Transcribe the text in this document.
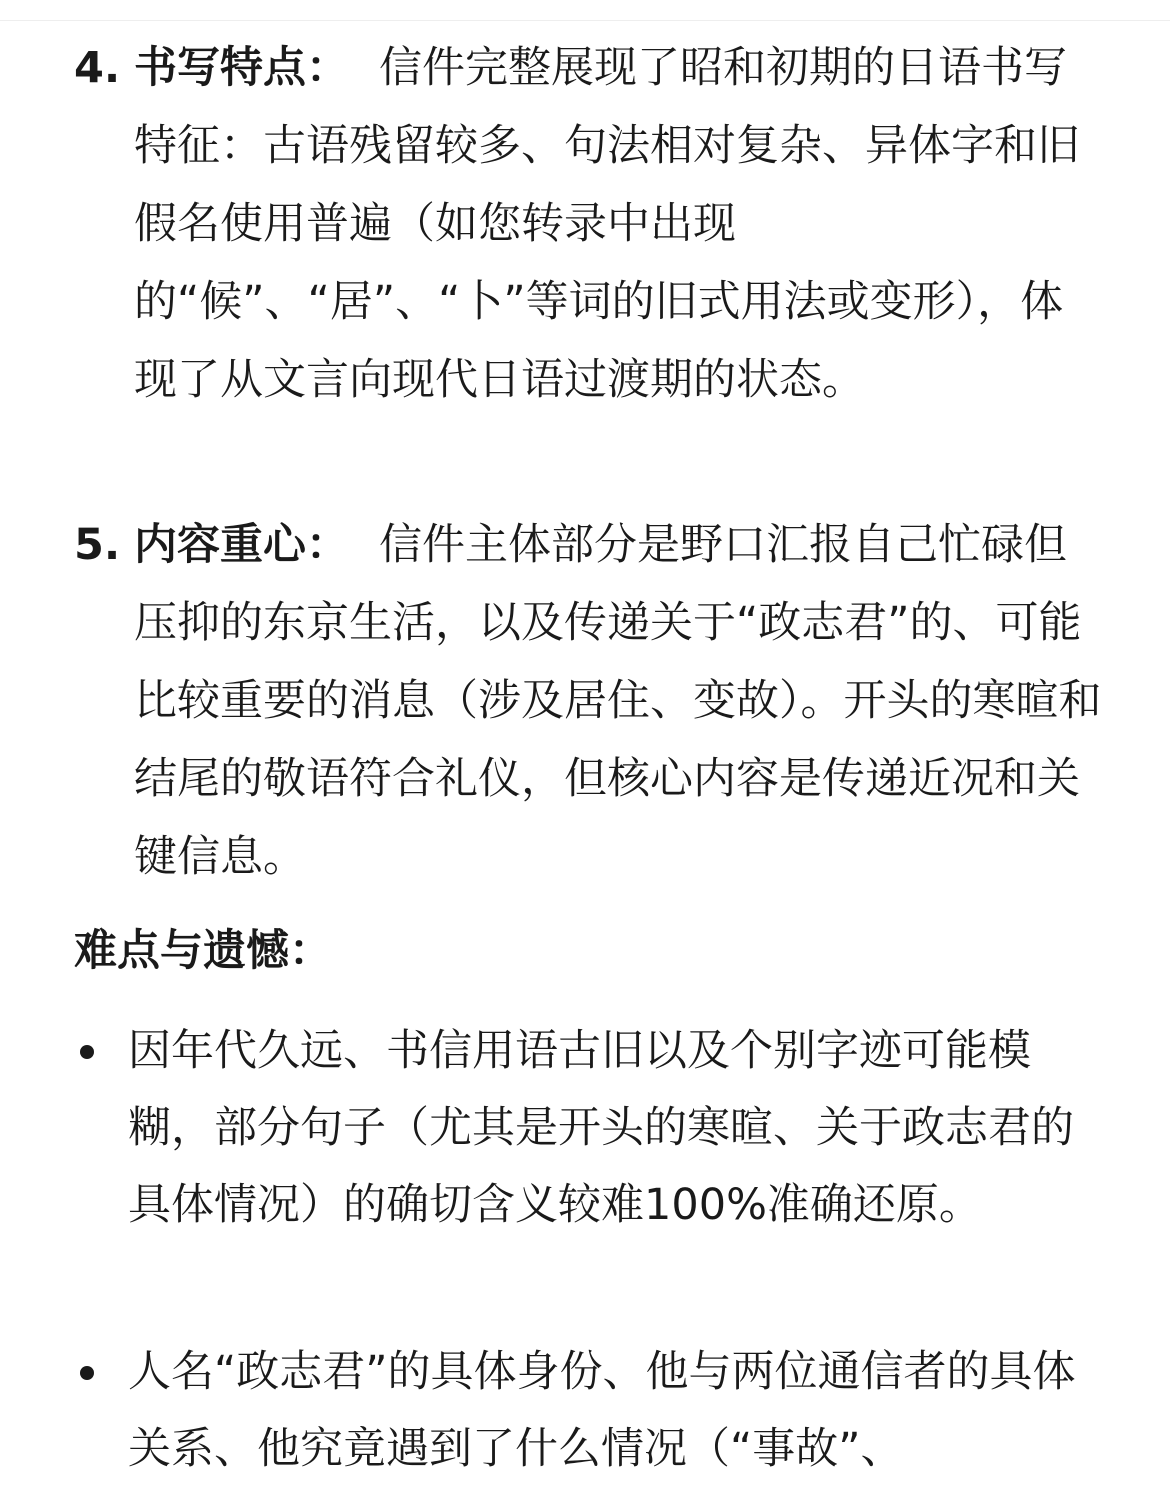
4. 书写特点： 信件完整展现了昭和初期的日语书写特征：古语残留较多、句法相对复杂、异体字和旧假名使用普遍（如您转录中出现的“候”、“居”、“卜”等词的旧式用法或变形），体现了从文言向现代日语过渡期的状态。
5. 内容重心： 信件主体部分是野口汇报自己忙碌但压抑的东京生活，以及传递关于“政志君”的、可能比较重要的消息（涉及居住、变故）。开头的寒暄和结尾的敬语符合礼仪，但核心内容是传递近况和关键信息。
难点与遗憾：
因年代久远、书信用语古旧以及个别字迹可能模糊，部分句子（尤其是开头的寒暄、关于政志君的具体情况）的确切含义较难100%准确还原。
人名“政志君”的具体身份、他与两位通信者的具体关系、他究竟遇到了什么情况（“事故”、
